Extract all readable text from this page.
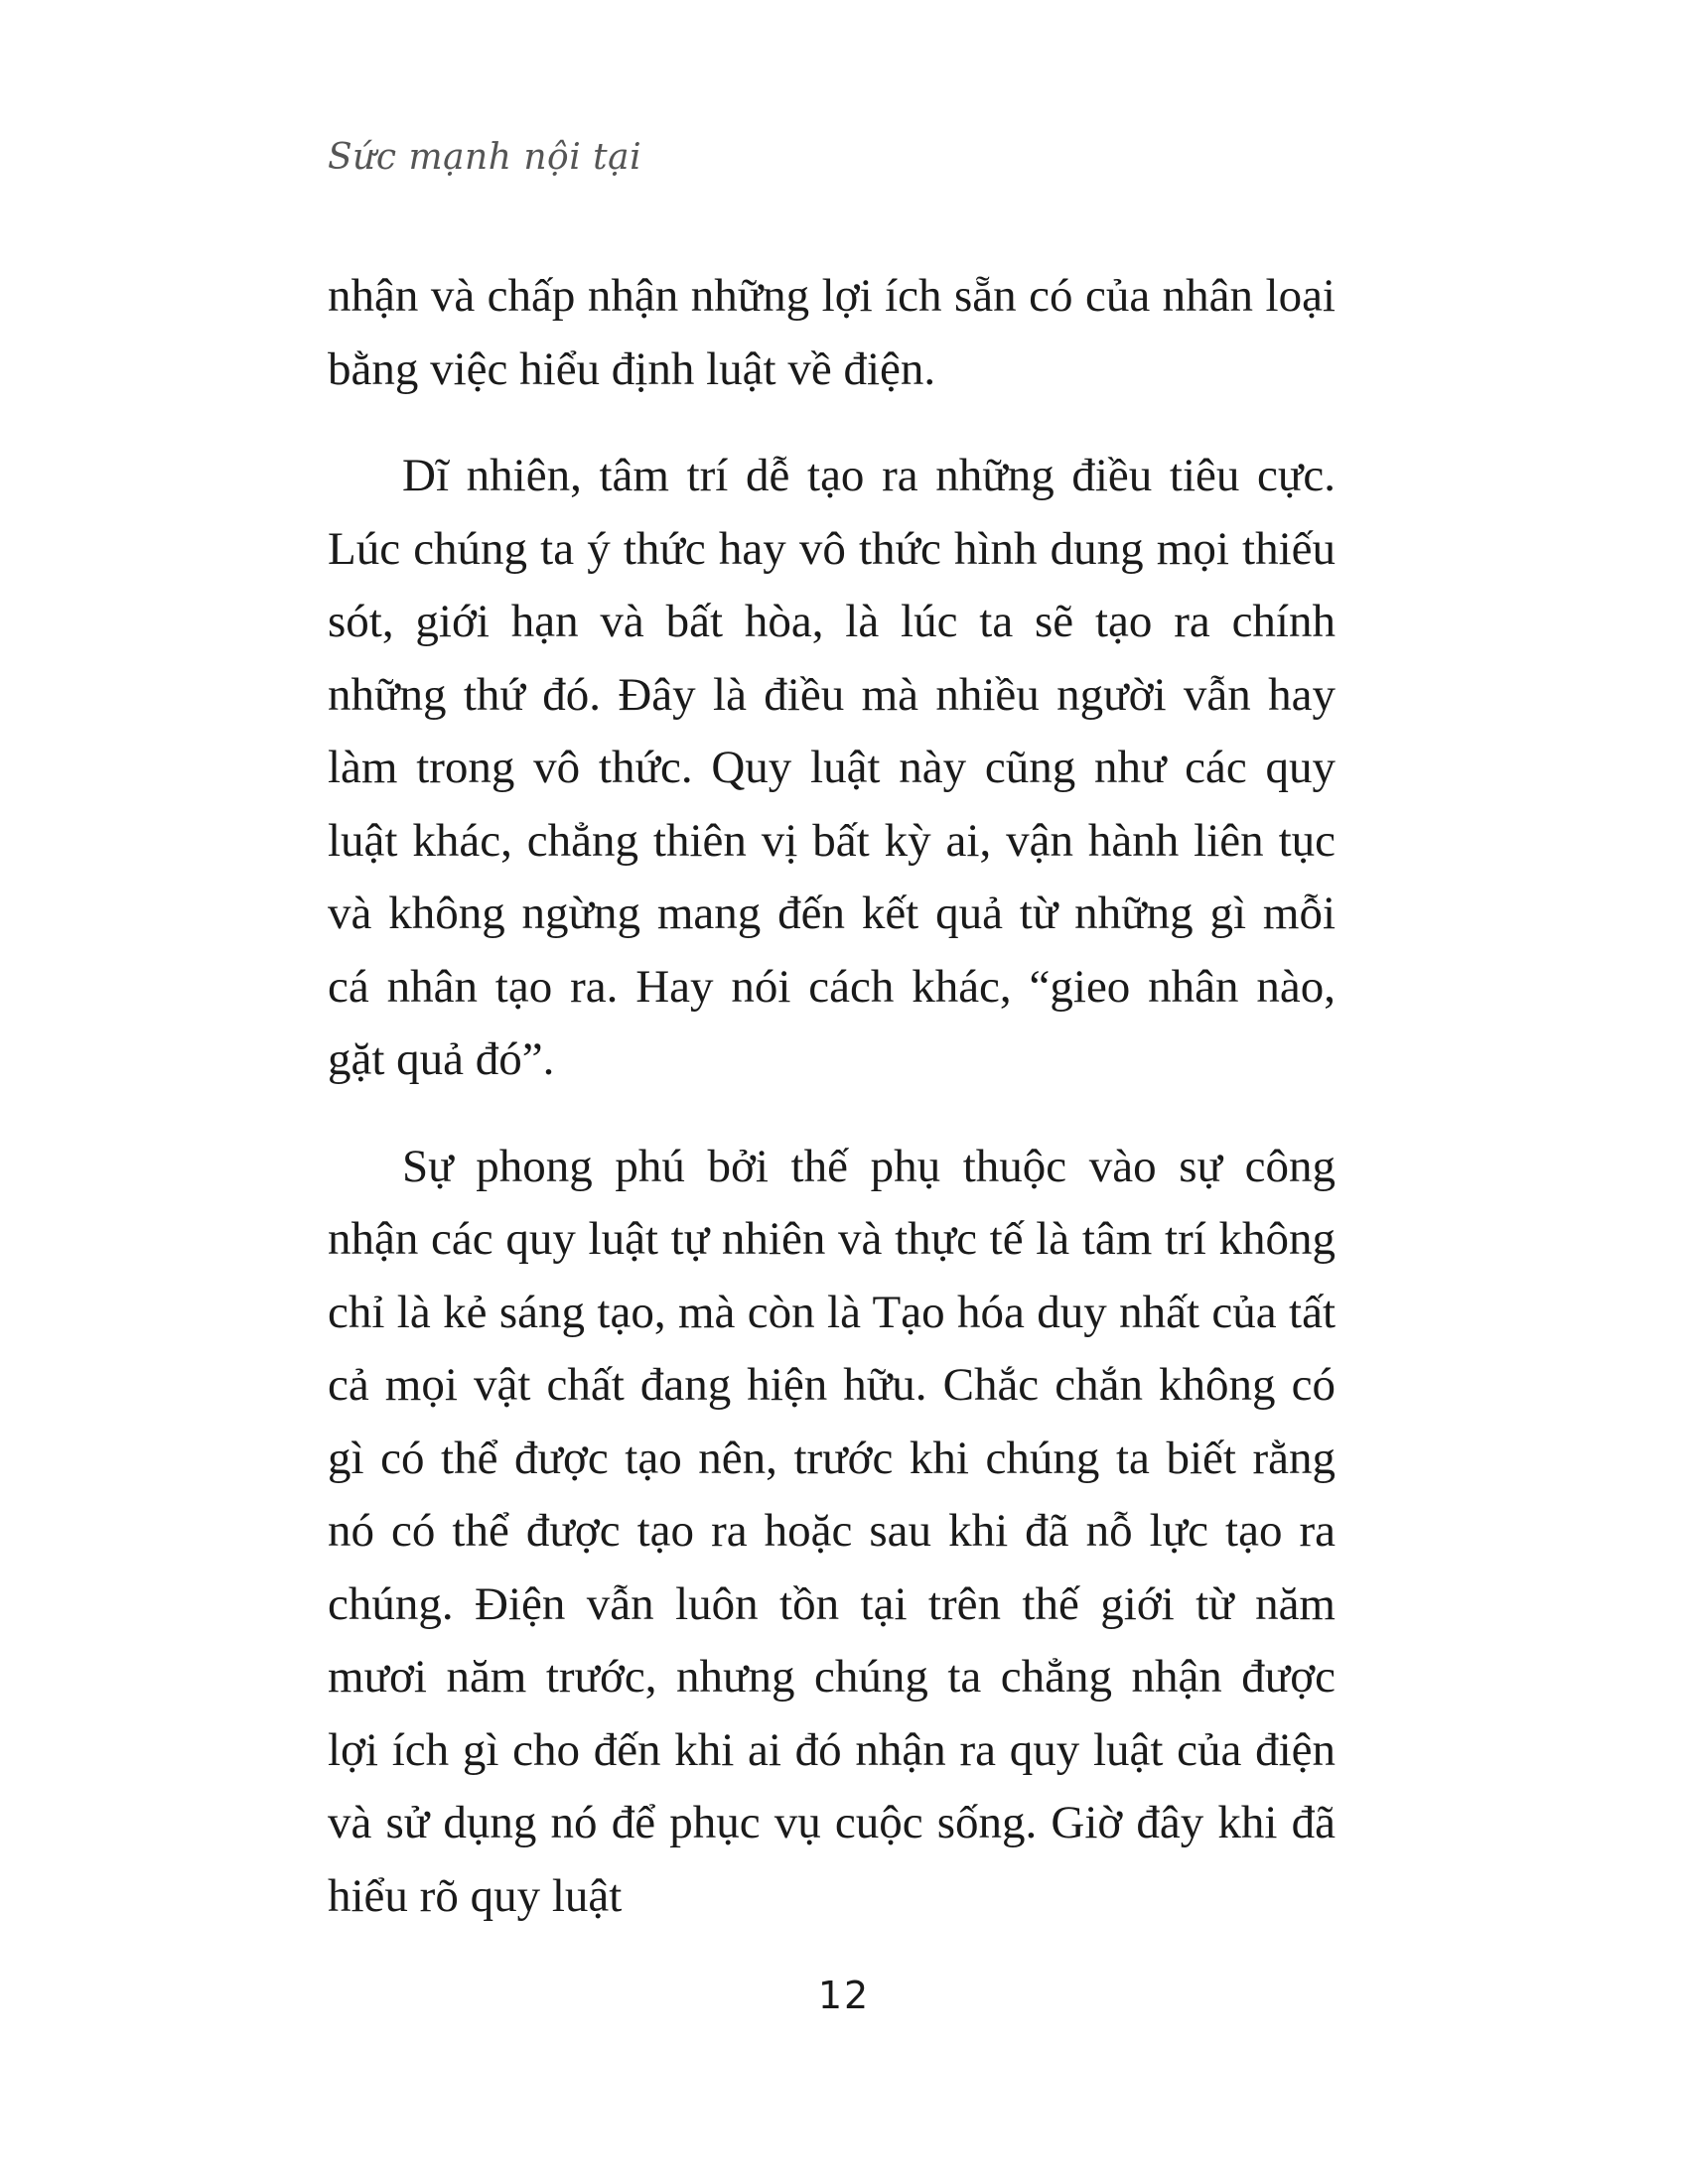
Sức mạnh nội tại

nhận và chấp nhận những lợi ích sẵn có của nhân loại bằng việc hiểu định luật về điện.

Dĩ nhiên, tâm trí dễ tạo ra những điều tiêu cực. Lúc chúng ta ý thức hay vô thức hình dung mọi thiếu sót, giới hạn và bất hòa, là lúc ta sẽ tạo ra chính những thứ đó. Đây là điều mà nhiều người vẫn hay làm trong vô thức. Quy luật này cũng như các quy luật khác, chẳng thiên vị bất kỳ ai, vận hành liên tục và không ngừng mang đến kết quả từ những gì mỗi cá nhân tạo ra. Hay nói cách khác, “gieo nhân nào, gặt quả đó”.

Sự phong phú bởi thế phụ thuộc vào sự công nhận các quy luật tự nhiên và thực tế là tâm trí không chỉ là kẻ sáng tạo, mà còn là Tạo hóa duy nhất của tất cả mọi vật chất đang hiện hữu. Chắc chắn không có gì có thể được tạo nên, trước khi chúng ta biết rằng nó có thể được tạo ra hoặc sau khi đã nỗ lực tạo ra chúng. Điện vẫn luôn tồn tại trên thế giới từ năm mươi năm trước, nhưng chúng ta chẳng nhận được lợi ích gì cho đến khi ai đó nhận ra quy luật của điện và sử dụng nó để phục vụ cuộc sống. Giờ đây khi đã hiểu rõ quy luật

12
